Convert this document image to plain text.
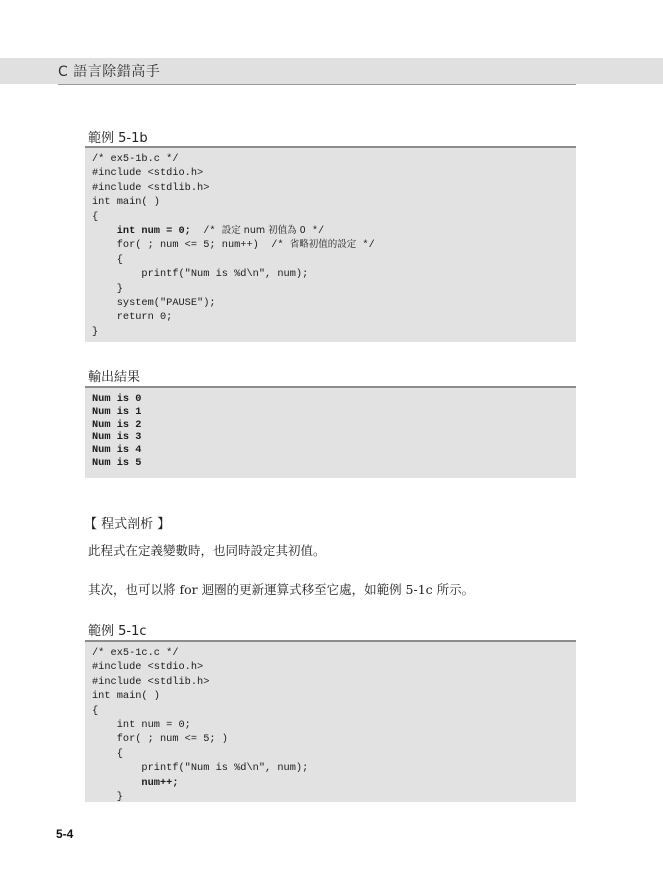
C 語言除錯高手
範例 5-1b
/* ex5-1b.c */
#include <stdio.h>
#include <stdlib.h>
int main( )
{
int num = 0;  /* 設定 num 初值為 0 */
for( ; num <= 5; num++)  /* 省略初值的設定 */
{
printf("Num is %d\n", num);
}
system("PAUSE");
return 0;
}
輸出結果
Num is 0
Num is 1
Num is 2
Num is 3
Num is 4
Num is 5
【 程式剖析 】
此程式在定義變數時，也同時設定其初值。
其次，也可以將 for 迴圈的更新運算式移至它處，如範例 5-1c 所示。
範例 5-1c
/* ex5-1c.c */
#include <stdio.h>
#include <stdlib.h>
int main( )
{
int num = 0;
for( ; num <= 5; )
{
printf("Num is %d\n", num);
num++;
}
5-4
